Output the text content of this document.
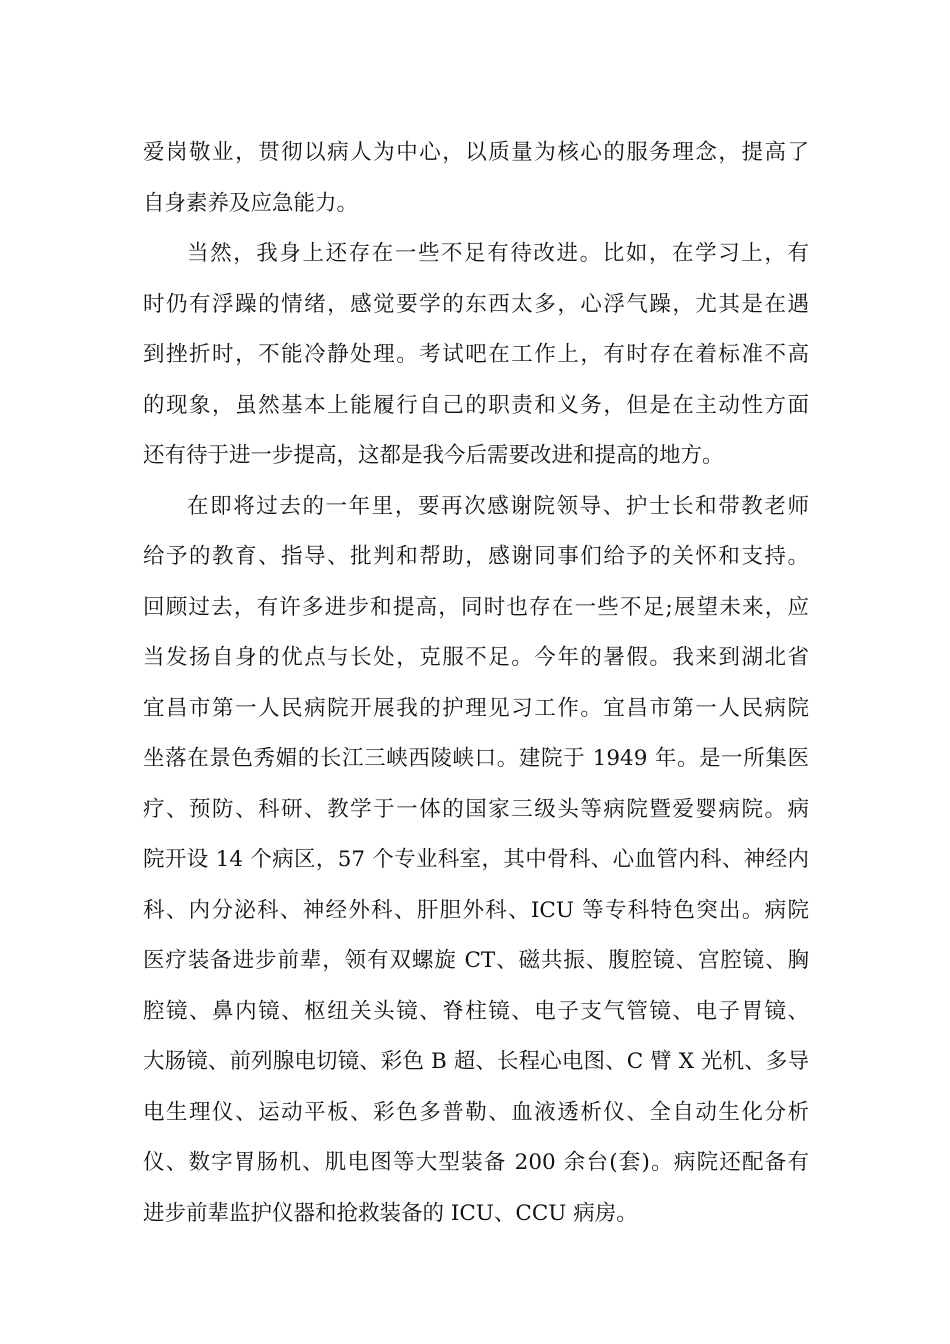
爱岗敬业，贯彻以病人为中心，以质量为核心的服务理念，提高了
自身素养及应急能力。
当然，我身上还存在一些不足有待改进。比如，在学习上，有
时仍有浮躁的情绪，感觉要学的东西太多，心浮气躁，尤其是在遇
到挫折时，不能冷静处理。考试吧在工作上，有时存在着标准不高
的现象，虽然基本上能履行自己的职责和义务，但是在主动性方面
还有待于进一步提高，这都是我今后需要改进和提高的地方。
在即将过去的一年里，要再次感谢院领导、护士长和带教老师
给予的教育、指导、批判和帮助，感谢同事们给予的关怀和支持。
回顾过去，有许多进步和提高，同时也存在一些不足;展望未来，应
当发扬自身的优点与长处，克服不足。今年的暑假。我来到湖北省
宜昌市第一人民病院开展我的护理见习工作。宜昌市第一人民病院
坐落在景色秀媚的长江三峡西陵峡口。建院于 1949 年。是一所集医
疗、预防、科研、教学于一体的国家三级头等病院暨爱婴病院。病
院开设 14 个病区，57 个专业科室，其中骨科、心血管内科、神经内
科、内分泌科、神经外科、肝胆外科、ICU 等专科特色突出。病院
医疗装备进步前辈，领有双螺旋 CT、磁共振、腹腔镜、宫腔镜、胸
腔镜、鼻内镜、枢纽关头镜、脊柱镜、电子支气管镜、电子胃镜、
大肠镜、前列腺电切镜、彩色 B 超、长程心电图、C 臂 X 光机、多导
电生理仪、运动平板、彩色多普勒、血液透析仪、全自动生化分析
仪、数字胃肠机、肌电图等大型装备 200 余台(套)。病院还配备有
进步前辈监护仪器和抢救装备的 ICU、CCU 病房。
